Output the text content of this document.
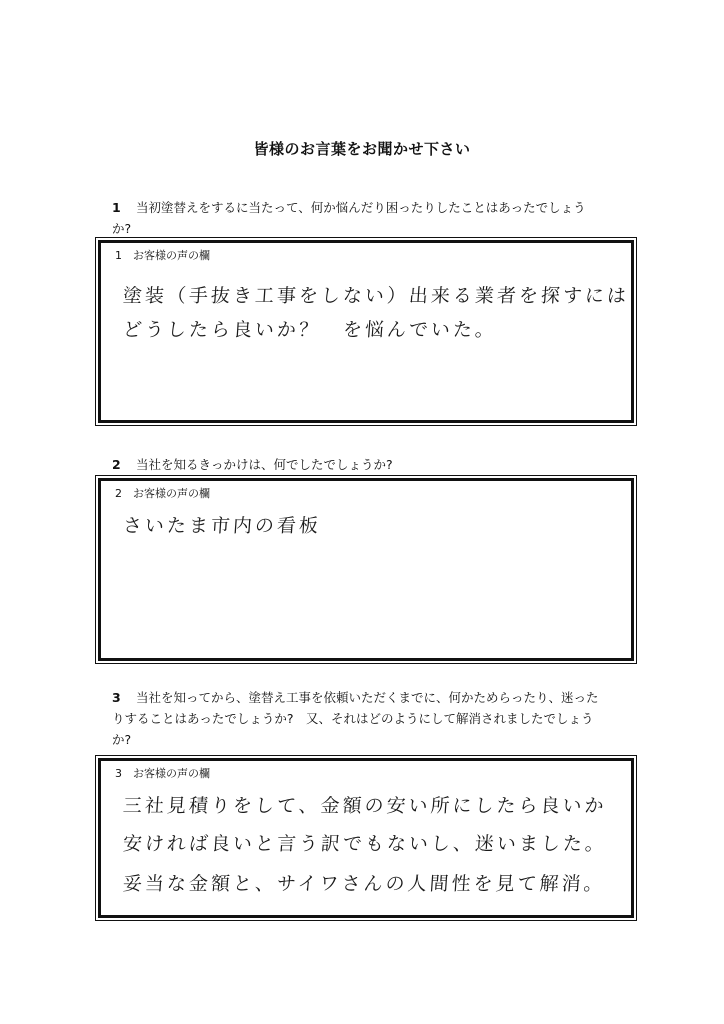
皆様のお言葉をお聞かせ下さい
1 当初塗替えをするに当たって、何か悩んだり困ったりしたことはあったでしょう
か?
1 お客様の声の欄
塗装（手抜き工事をしない）出来る業者を探すには
どうしたら良いか？　を悩んでいた。
2 当社を知るきっかけは、何でしたでしょうか?
2 お客様の声の欄
さいたま市内の看板
3 当社を知ってから、塗替え工事を依頼いただくまでに、何かためらったり、迷った
りすることはあったでしょうか?　又、それはどのようにして解消されましたでしょう
か?
3 お客様の声の欄
三社見積りをして、金額の安い所にしたら良いか
安ければ良いと言う訳でもないし、迷いました。
妥当な金額と、サイワさんの人間性を見て解消。
